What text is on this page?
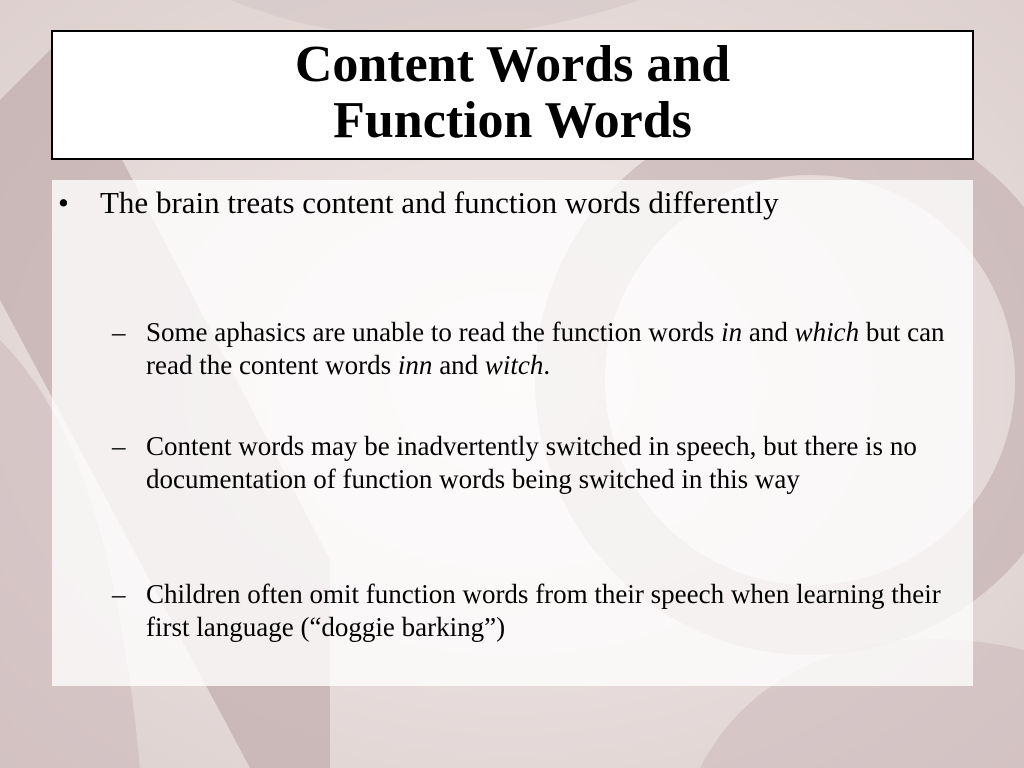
Content Words and

Function Words

•	The brain treats content and function words differently
– Some aphasics are unable to read the function words in and which but can read the content words inn and witch.
– Content words may be inadvertently switched in speech, but there is no documentation of function words being switched in this way
– Children often omit function words from their speech when learning their first language (“doggie barking”)
